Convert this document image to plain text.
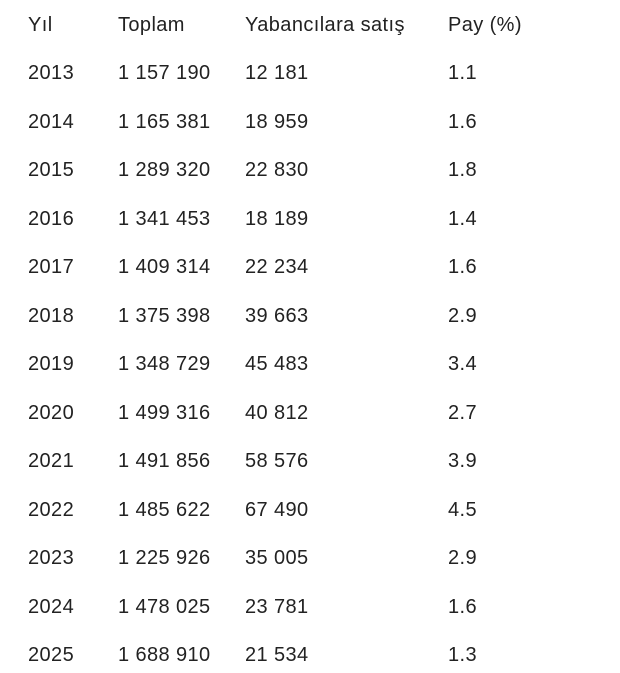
Yıl	Toplam	Yabancılara satış	Pay (%)
2013	1 157 190	12 181	1.1
2014	1 165 381	18 959	1.6
2015	1 289 320	22 830	1.8
2016	1 341 453	18 189	1.4
2017	1 409 314	22 234	1.6
2018	1 375 398	39 663	2.9
2019	1 348 729	45 483	3.4
2020	1 499 316	40 812	2.7
2021	1 491 856	58 576	3.9
2022	1 485 622	67 490	4.5
2023	1 225 926	35 005	2.9
2024	1 478 025	23 781	1.6
2025	1 688 910	21 534	1.3
